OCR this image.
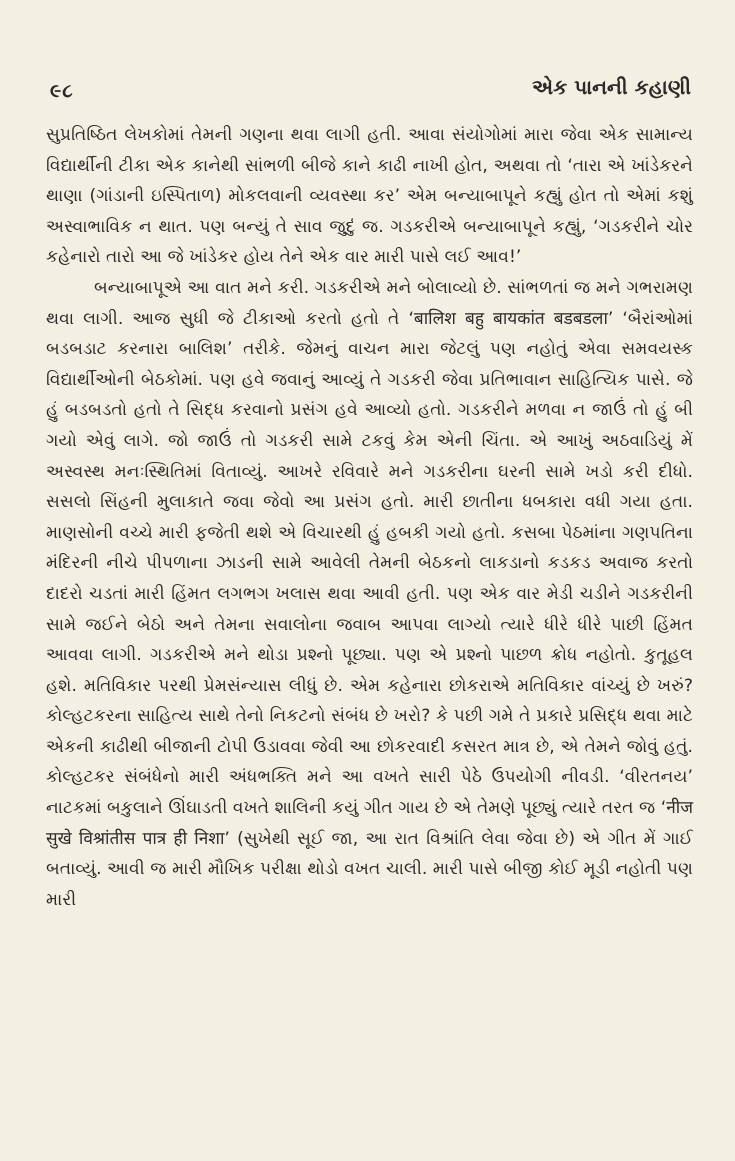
૯૮	એક પાનની કહાણી

સુપ્રતિષ્ઠિત લેખકોમાં તેમની ગણના થવા લાગી હતી. આવા સંયોગોમાં મારા જેવા એક સામાન્ય વિદ્યાર્થીની ટીકા એક કાનેથી સાંભળી બીજે કાને કાઢી નાખી હોત, અથવા તો ‘તારા એ ખાંડેકરને થાણા (ગાંડાની ઇસ્પિતાળ) મોકલવાની વ્યવસ્થા કર’ એમ બન્યાબાપૂને કહ્યું હોત તો એમાં કશું અસ્વાભાવિક ન થાત. પણ બન્યું તે સાવ જુદું જ. ગડકરીએ બન્યાબાપૂને કહ્યું, ‘ગડકરીને ચોર કહેનારો તારો આ જે ખાંડેકર હોય તેને એક વાર મારી પાસે લઈ આવ!’

બન્યાબાપૂએ આ વાત મને કરી. ગડકરીએ મને બોલાવ્યો છે. સાંભળતાં જ મને ગભરામણ થવા લાગી. આજ સુધી જે ટીકાઓ કરતો હતો તે ‘बालिश बहु बायकांत बडबडला’ ‘બૈરાંઓમાં બડબડાટ કરનારા બાલિશ’ તરીકે. જેમનું વાચન મારા જેટલું પણ નહોતું એવા સમવયસ્ક વિદ્યાર્થીઓની બેઠકોમાં. પણ હવે જવાનું આવ્યું તે ગડકરી જેવા પ્રતિભાવાન સાહિત્યિક પાસે. જે હું બડબડતો હતો તે સિદ્ધ કરવાનો પ્રસંગ હવે આવ્યો હતો. ગડકરીને મળવા ન જાઉં તો હું બી ગયો એવું લાગે. જો જાઉં તો ગડકરી સામે ટકવું કેમ એની ચિંતા. એ આખું અઠવાડિયું મેં અસ્વસ્થ મનઃસ્થિતિમાં વિતાવ્યું. આખરે રવિવારે મને ગડકરીના ઘરની સામે ખડો કરી દીધો. સસલો સિંહની મુલાકાતે જવા જેવો આ પ્રસંગ હતો. મારી છાતીના ધબકારા વધી ગયા હતા. માણસોની વચ્ચે મારી ફજેતી થશે એ વિચારથી હું હબકી ગયો હતો. કસબા પેઠમાંના ગણપતિના મંદિરની નીચે પીપળાના ઝાડની સામે આવેલી તેમની બેઠકનો લાકડાનો કડકડ અવાજ કરતો દાદરો ચડતાં મારી હિંમત લગભગ ખલાસ થવા આવી હતી. પણ એક વાર મેડી ચડીને ગડકરીની સામે જઈને બેઠો અને તેમના સવાલોના જવાબ આપવા લાગ્યો ત્યારે ધીરે ધીરે પાછી હિંમત આવવા લાગી. ગડકરીએ મને થોડા પ્રશ્નો પૂછ્યા. પણ એ પ્રશ્નો પાછળ ક્રોધ નહોતો. કુતૂહલ હશે. મતિવિકાર પરથી પ્રેમસંન્યાસ લીધું છે. એમ કહેનારા છોકરાએ મતિવિકાર વાંચ્યું છે ખરું? કોલ્હટકરના સાહિત્ય સાથે તેનો નિકટનો સંબંધ છે ખરો? કે પછી ગમે તે પ્રકારે પ્રસિદ્ધ થવા માટે એકની કાઢીથી બીજાની ટોપી ઉડાવવા જેવી આ છોકરવાદી કસરત માત્ર છે, એ તેમને જોવું હતું. કોલ્હટકર સંબંધેનો મારી અંધભક્તિ મને આ વખતે સારી પેઠે ઉપયોગી નીવડી. ‘વીરતનય’ નાટકમાં બકુલાને ઊંઘાડતી વખતે શાલિની કયું ગીત ગાય છે એ તેમણે પૂછ્યું ત્યારે તરત જ ‘नीज सुखे विश्रांतीस पात्र ही निशा’ (સુખેથી સૂઈ જા, આ રાત વિશ્રાંતિ લેવા જેવા છે) એ ગીત મેં ગાઈ બતાવ્યું. આવી જ મારી મૌખિક પરીક્ષા થોડો વખત ચાલી. મારી પાસે બીજી કોઈ મૂડી નહોતી પણ મારી
